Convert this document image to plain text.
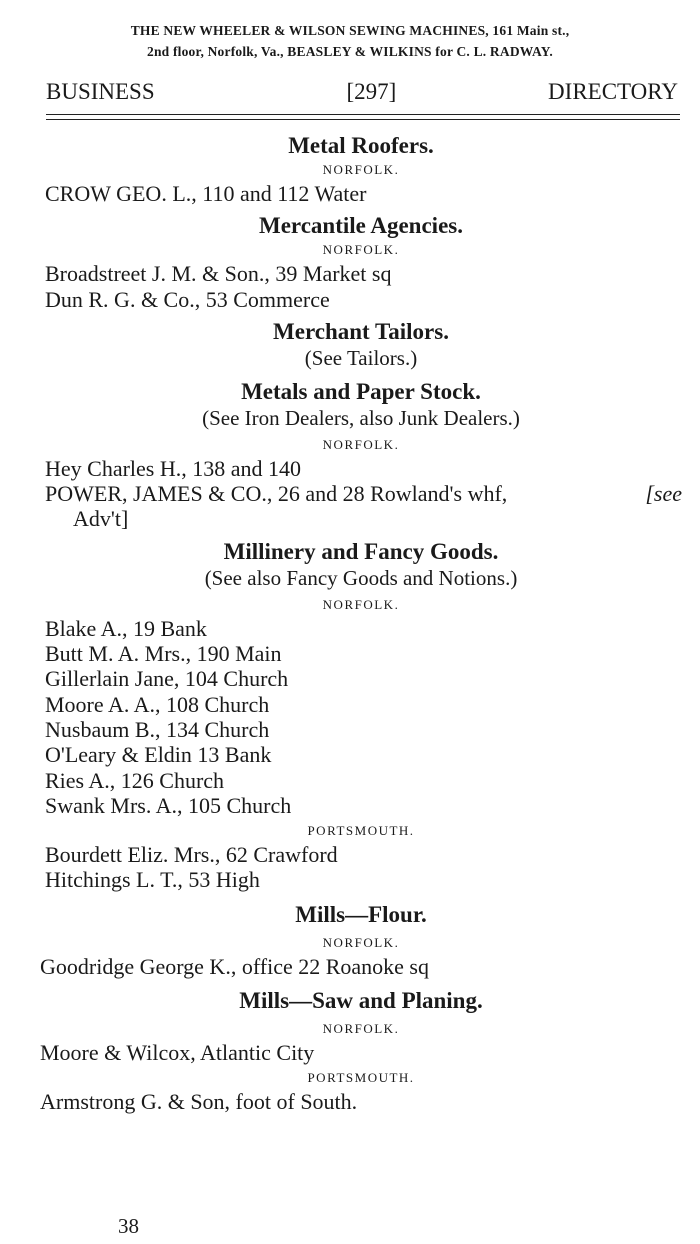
THE NEW WHEELER & WILSON SEWING MACHINES, 161 Main st.,
2nd floor, Norfolk, Va., BEASLEY & WILKINS for C. L. RADWAY.
BUSINESS	[297]	DIRECTORY
Metal Roofers.
NORFOLK.
CROW GEO. L., 110 and 112 Water
Mercantile Agencies.
NORFOLK.
Broadstreet J. M. & Son., 39 Market sq
Dun R. G. & Co., 53 Commerce
Merchant Tailors.
(See Tailors.)
Metals and Paper Stock.
(See Iron Dealers, also Junk Dealers.)
NORFOLK.
Hey Charles H., 138 and 140
POWER, JAMES & CO., 26 and 28 Rowland's whf,	[see
Adv't]
Millinery and Fancy Goods.
(See also Fancy Goods and Notions.)
NORFOLK.
Blake A., 19 Bank
Butt M. A. Mrs., 190 Main
Gillerlain Jane, 104 Church
Moore A. A., 108 Church
Nusbaum B., 134 Church
O'Leary & Eldin 13 Bank
Ries A., 126 Church
Swank Mrs. A., 105 Church
PORTSMOUTH.
Bourdett Eliz. Mrs., 62 Crawford
Hitchings L. T., 53 High
Mills—Flour.
NORFOLK.
Goodridge George K., office 22 Roanoke sq
Mills—Saw and Planing.
NORFOLK.
Moore & Wilcox, Atlantic City
PORTSMOUTH.
Armstrong G. & Son, foot of South.
38
